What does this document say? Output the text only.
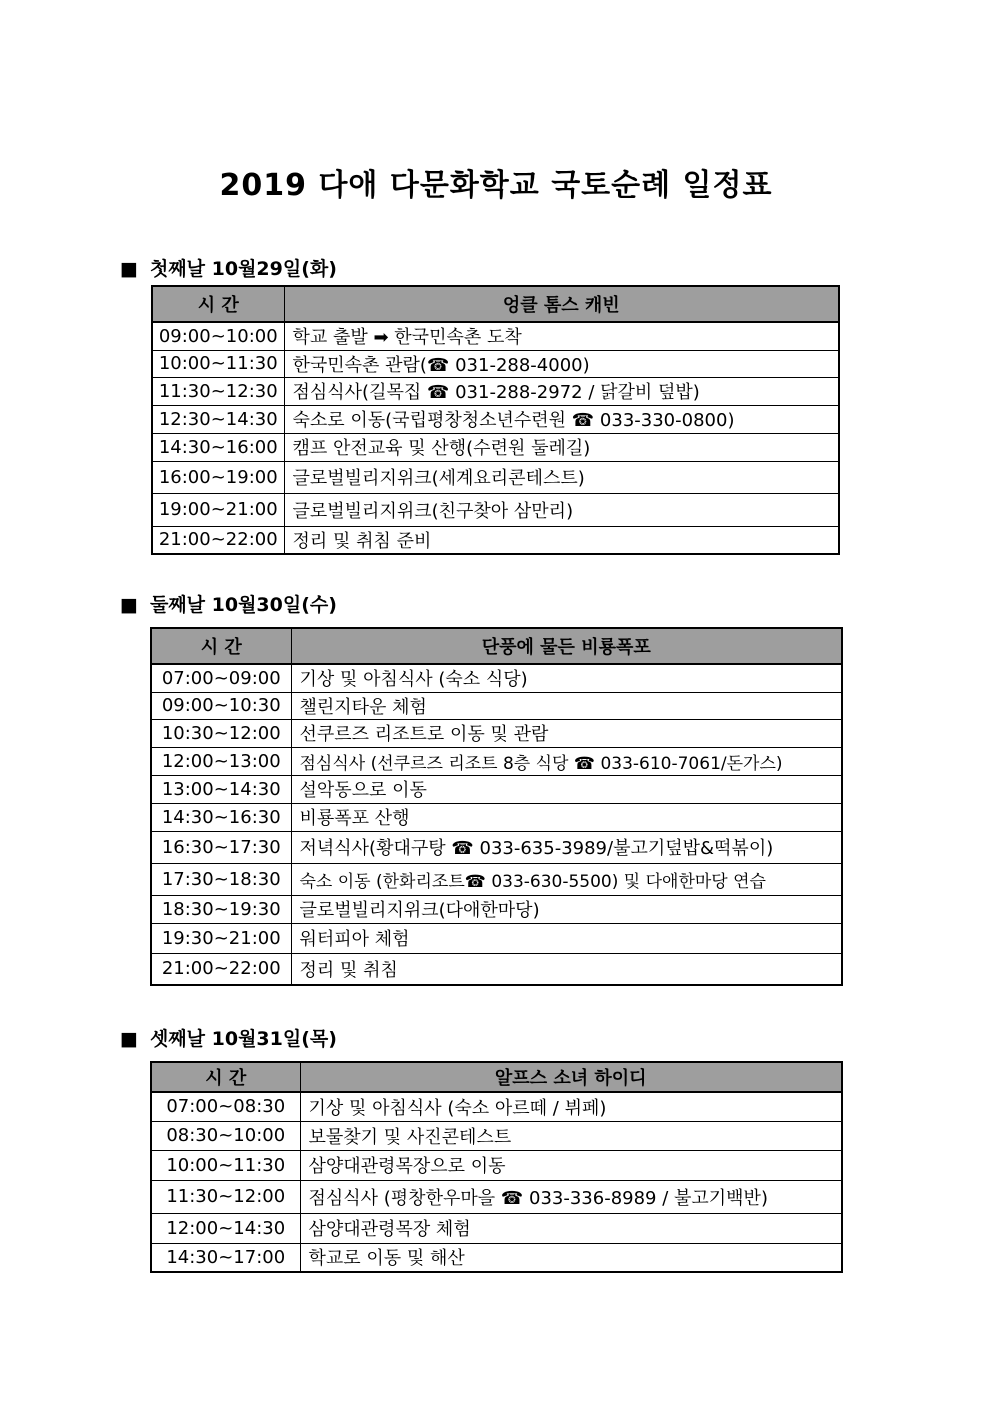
2019 다애 다문화학교 국토순례 일정표
■ 첫째날 10월29일(화)
시 간	엉클 톰스 캐빈
09:00~10:00	학교 출발 ➡ 한국민속촌 도착
10:00~11:30	한국민속촌 관람(☎ 031-288-4000)
11:30~12:30	점심식사(길목집 ☎ 031-288-2972 / 닭갈비 덮밥)
12:30~14:30	숙소로 이동(국립평창청소년수련원 ☎ 033-330-0800)
14:30~16:00	캠프 안전교육 및 산행(수련원 둘레길)
16:00~19:00	글로벌빌리지위크(세계요리콘테스트)
19:00~21:00	글로벌빌리지위크(친구찾아 삼만리)
21:00~22:00	정리 및 취침 준비
■ 둘째날 10월30일(수)
시 간	단풍에 물든 비룡폭포
07:00~09:00	기상 및 아침식사 (숙소 식당)
09:00~10:30	챌린지타운 체험
10:30~12:00	선쿠르즈 리조트로 이동 및 관람
12:00~13:00	점심식사 (선쿠르즈 리조트 8층 식당 ☎ 033-610-7061/돈가스)
13:00~14:30	설악동으로 이동
14:30~16:30	비룡폭포 산행
16:30~17:30	저녁식사(황대구탕 ☎ 033-635-3989/불고기덮밥&떡볶이)
17:30~18:30	숙소 이동 (한화리조트☎ 033-630-5500) 및 다애한마당 연습
18:30~19:30	글로벌빌리지위크(다애한마당)
19:30~21:00	워터피아 체험
21:00~22:00	정리 및 취침
■ 셋째날 10월31일(목)
시 간	알프스 소녀 하이디
07:00~08:30	기상 및 아침식사 (숙소 아르떼 / 뷔페)
08:30~10:00	보물찾기 및 사진콘테스트
10:00~11:30	삼양대관령목장으로 이동
11:30~12:00	점심식사 (평창한우마을 ☎ 033-336-8989 / 불고기백반)
12:00~14:30	삼양대관령목장 체험
14:30~17:00	학교로 이동 및 해산
